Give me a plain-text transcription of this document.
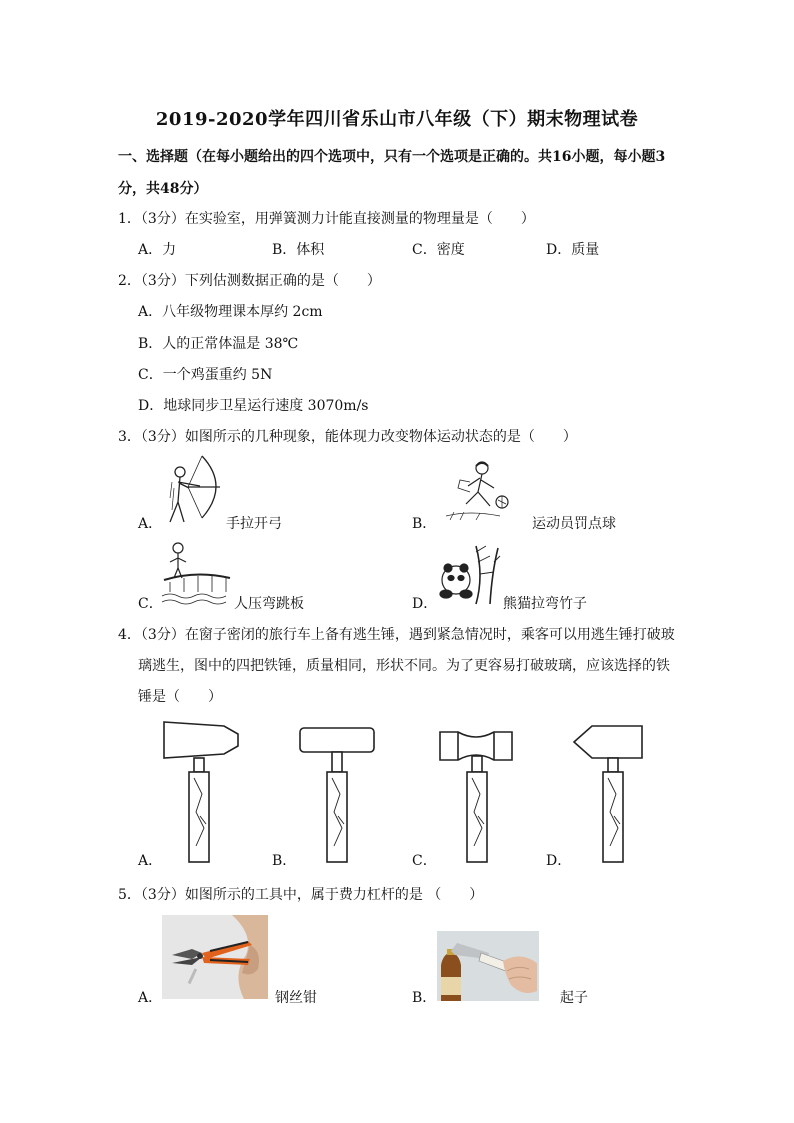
2019-2020学年四川省乐山市八年级（下）期末物理试卷
一、选择题（在每小题给出的四个选项中，只有一个选项是正确的。共16小题，每小题3
分，共48分）
1．（3分）在实验室，用弹簧测力计能直接测量的物理量是（　　）
A．力	B．体积	C．密度	D．质量
2．（3分）下列估测数据正确的是（　　）
A．八年级物理课本厚约 2cm
B．人的正常体温是 38℃
C．一个鸡蛋重约 5N
D．地球同步卫星运行速度 3070m/s
3．（3分）如图所示的几种现象，能体现力改变物体运动状态的是（　　）
A．	手拉开弓	B．	运动员罚点球
C．	人压弯跳板	D．	熊猫拉弯竹子
4．（3分）在窗子密闭的旅行车上备有逃生锤，遇到紧急情况时，乘客可以用逃生锤打破玻
璃逃生，图中的四把铁锤，质量相同，形状不同。为了更容易打破玻璃，应该选择的铁
锤是（　　）
A．	B．	C．	D．
5．（3分）如图所示的工具中，属于费力杠杆的是 （　　）
A．	钢丝钳	B．	起子
